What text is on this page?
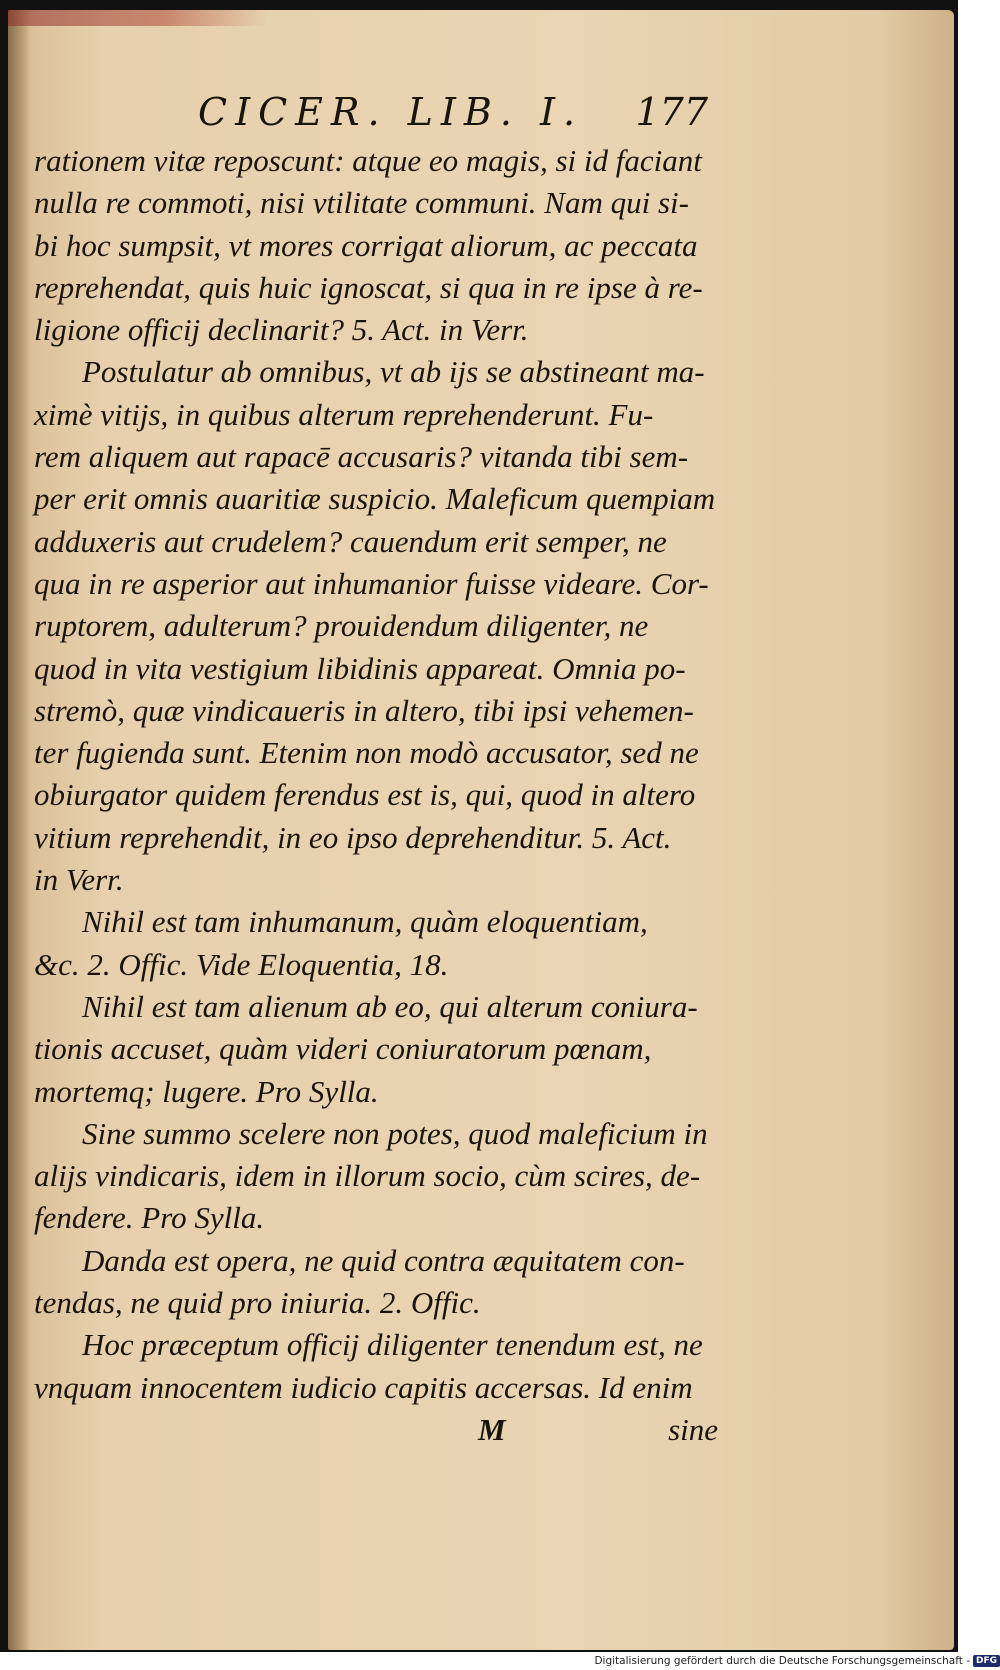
CICER. LIB. I. 177
rationem vitæ reposcunt: atque eo magis, si id faciant
nulla re commoti, nisi vtilitate communi. Nam qui si-
bi hoc sumpsit, vt mores corrigat aliorum, ac peccata
reprehendat, quis huic ignoscat, si qua in re ipse à re-
ligione officij declinarit? 5. Act. in Verr.
Postulatur ab omnibus, vt ab ijs se abstineant ma-
ximè vitijs, in quibus alterum reprehenderunt. Fu-
rem aliquem aut rapacē accusaris? vitanda tibi sem-
per erit omnis auaritiæ suspicio. Maleficum quempiam
adduxeris aut crudelem? cauendum erit semper, ne
qua in re asperior aut inhumanior fuisse videare. Cor-
ruptorem, adulterum? prouidendum diligenter, ne
quod in vita vestigium libidinis appareat. Omnia po-
stremò, quæ vindicaueris in altero, tibi ipsi vehemen-
ter fugienda sunt. Etenim non modò accusator, sed ne
obiurgator quidem ferendus est is, qui, quod in altero
vitium reprehendit, in eo ipso deprehenditur. 5. Act.
in Verr.
Nihil est tam inhumanum, quàm eloquentiam,
&c. 2. Offic. Vide Eloquentia, 18.
Nihil est tam alienum ab eo, qui alterum coniura-
tionis accuset, quàm videri coniuratorum pœnam,
mortemq; lugere. Pro Sylla.
Sine summo scelere non potes, quod maleficium in
alijs vindicaris, idem in illorum socio, cùm scires, de-
fendere. Pro Sylla.
Danda est opera, ne quid contra æquitatem con-
tendas, ne quid pro iniuria. 2. Offic.
Hoc præceptum officij diligenter tenendum est, ne
vnquam innocentem iudicio capitis accersas. Id enim
M	sine
Digitalisierung gefördert durch die Deutsche Forschungsgemeinschaft - DFG
